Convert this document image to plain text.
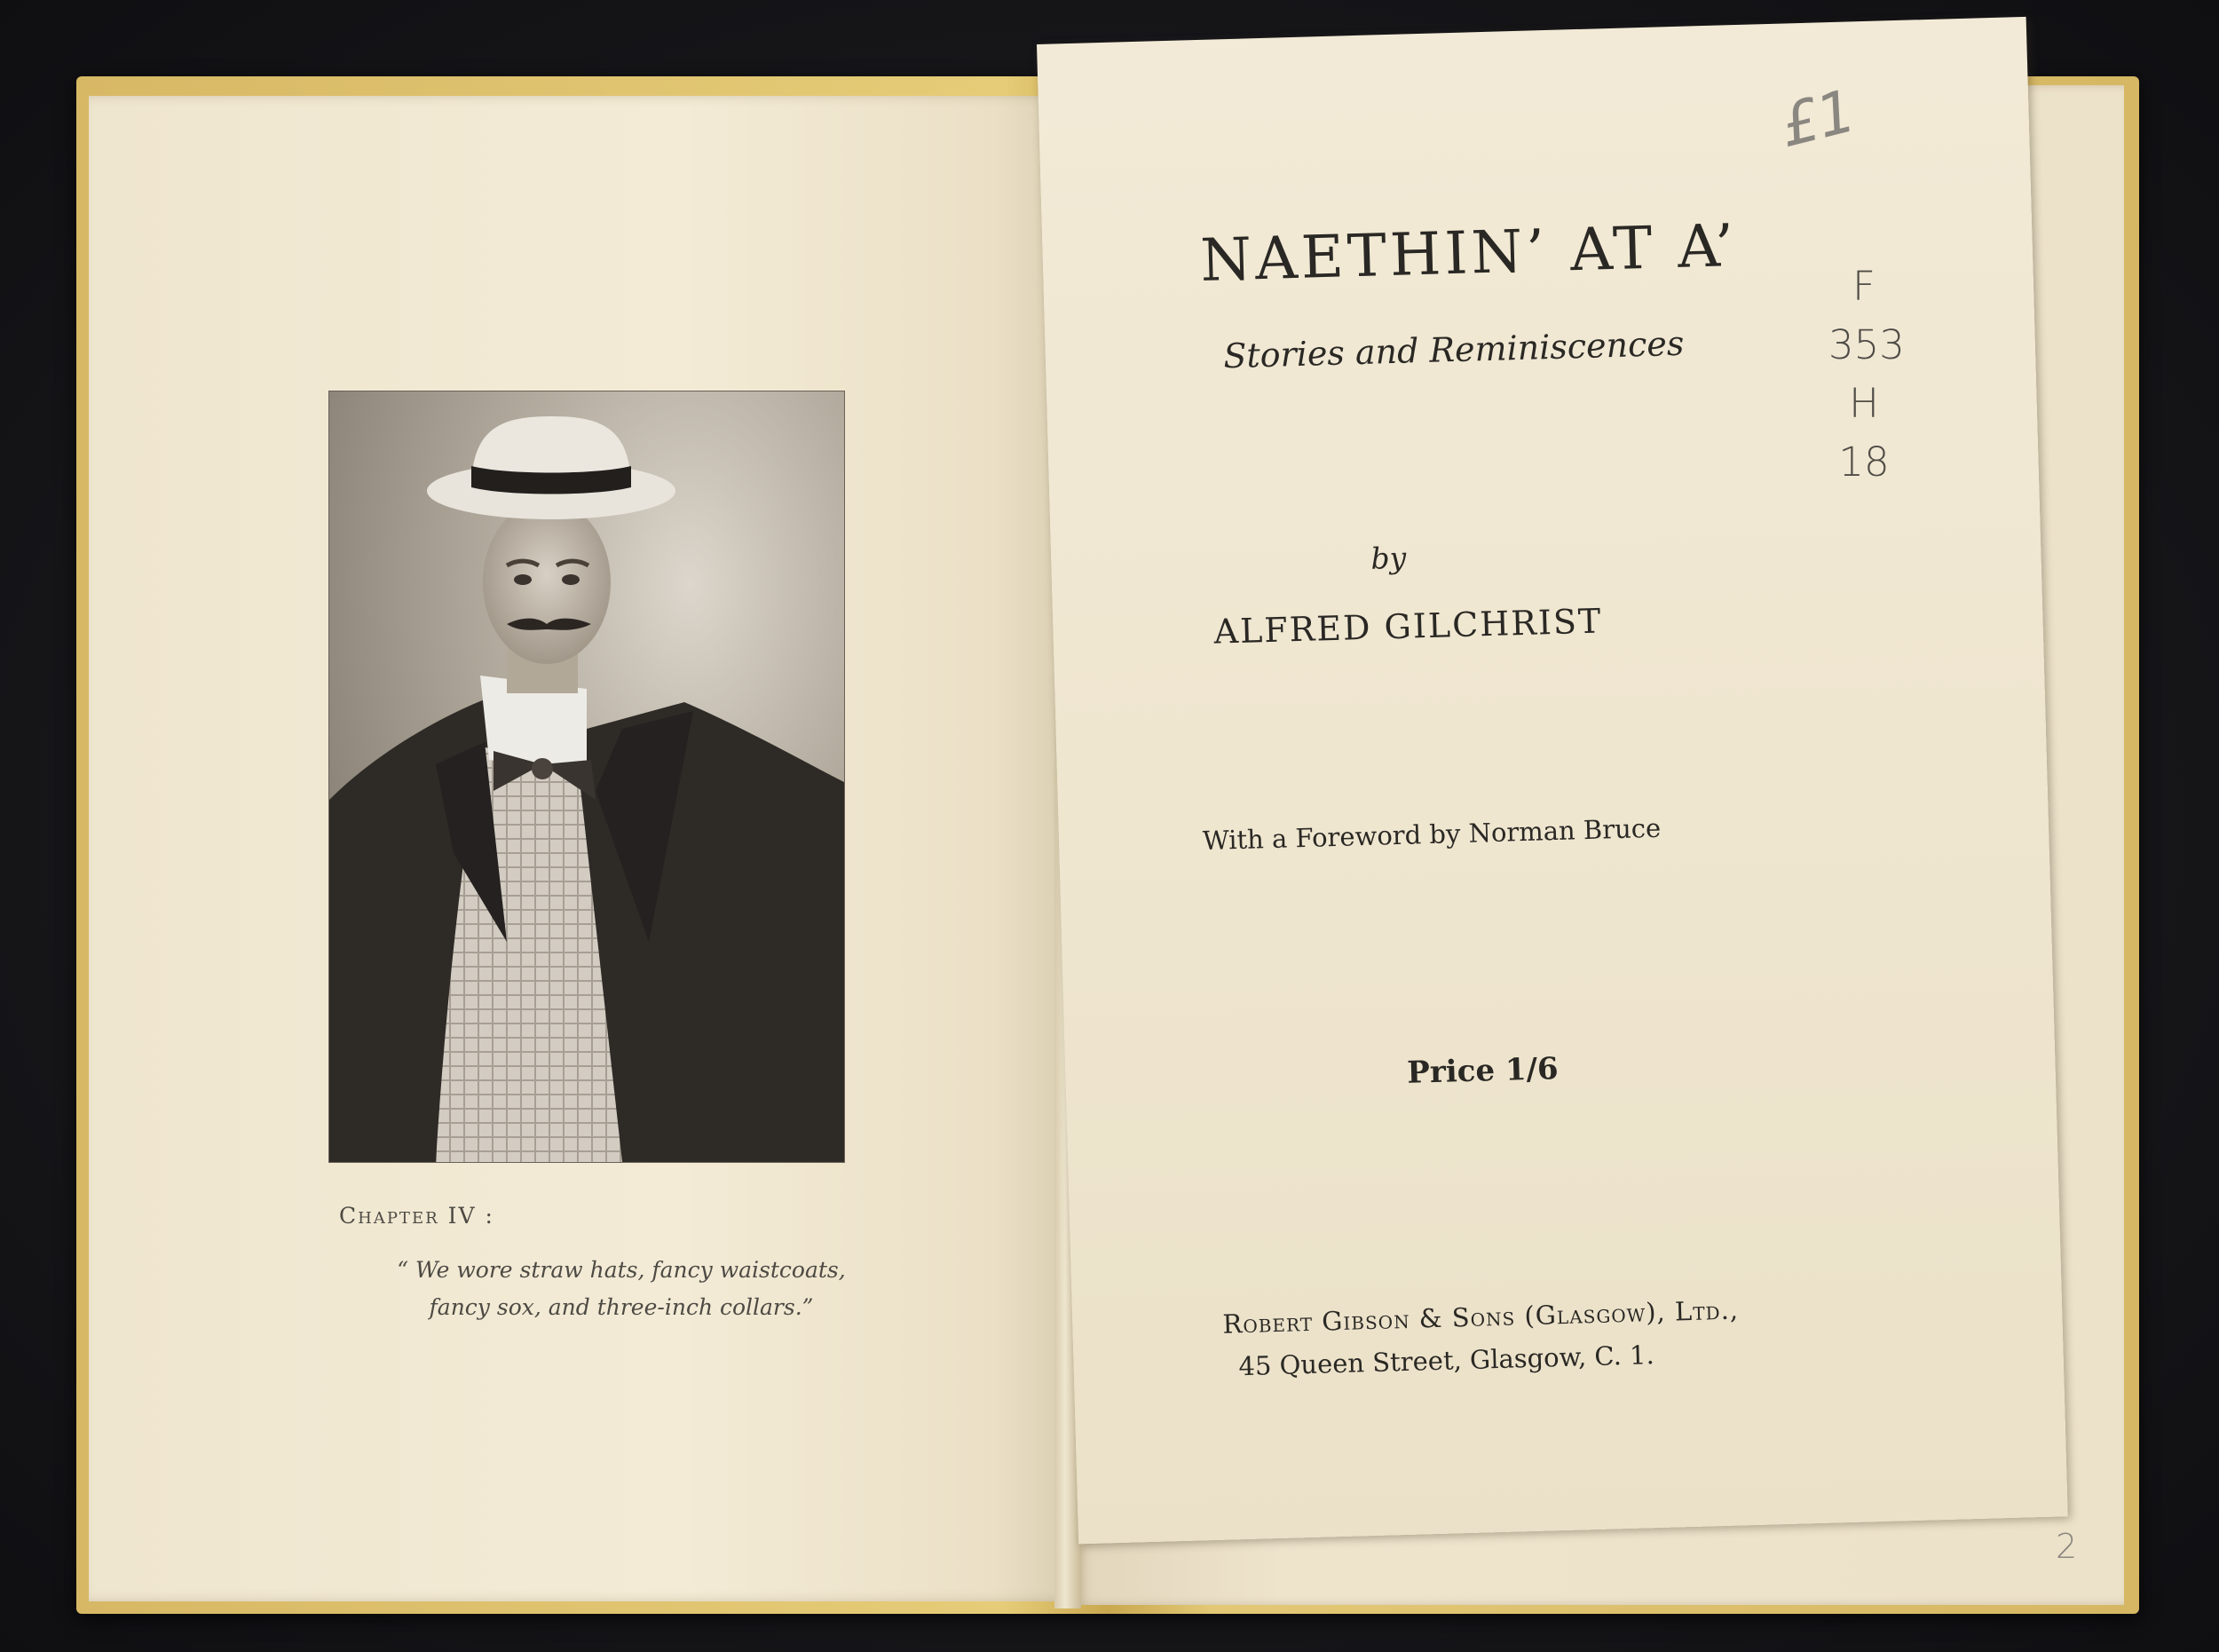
Chapter IV :
“ We wore straw hats, fancy waistcoats,
fancy sox, and three-inch collars.”
NAETHIN’ AT A’
Stories and Reminiscences
by
ALFRED GILCHRIST
With a Foreword by Norman Bruce
Price 1/6
Robert Gibson & Sons (Glasgow), Ltd.,
45 Queen Street, Glasgow, C. 1.
£1
F
353
H
18
2
